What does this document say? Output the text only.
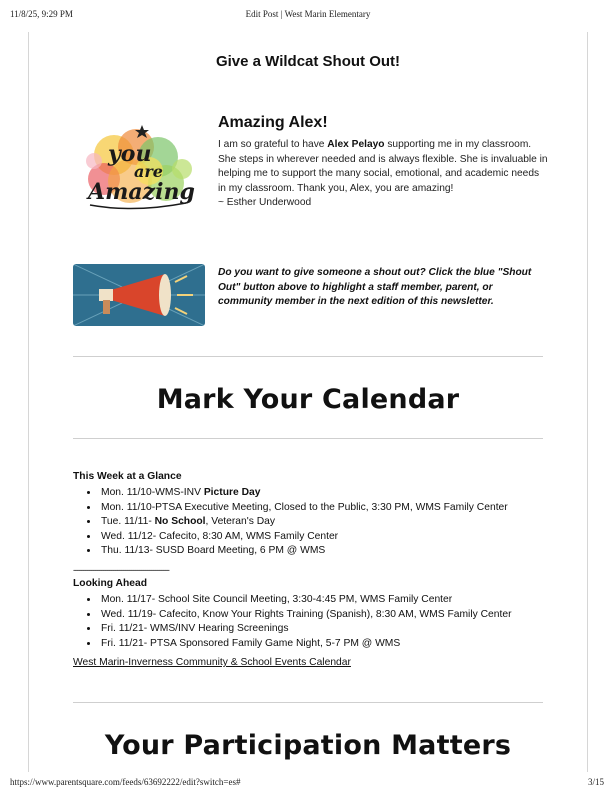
11/8/25, 9:29 PM	Edit Post | West Marin Elementary
Give a Wildcat Shout Out!
you
are
Amazing
Amazing Alex!
I am so grateful to have Alex Pelayo supporting me in my classroom. She steps in wherever needed and is always flexible. She is invaluable in helping me to support the many social, emotional, and academic needs in my classroom. Thank you, Alex, you are amazing!
~ Esther Underwood
Do you want to give someone a shout out? Click the blue "Shout Out" button above to highlight a staff member, parent, or community member in the next edition of this newsletter.
Mark Your Calendar
This Week at a Glance
• Mon. 11/10-WMS-INV Picture Day
• Mon. 11/10-PTSA Executive Meeting, Closed to the Public, 3:30 PM, WMS Family Center
• Tue. 11/11- No School, Veteran's Day
• Wed. 11/12- Cafecito, 8:30 AM, WMS Family Center
• Thu. 11/13- SUSD Board Meeting, 6 PM @ WMS
------------------------------------------------
Looking Ahead
• Mon. 11/17- School Site Council Meeting, 3:30-4:45 PM, WMS Family Center
• Wed. 11/19- Cafecito, Know Your Rights Training (Spanish), 8:30 AM, WMS Family Center
• Fri. 11/21- WMS/INV Hearing Screenings
• Fri. 11/21- PTSA Sponsored Family Game Night, 5-7 PM @ WMS
West Marin-Inverness Community & School Events Calendar
Your Participation Matters
https://www.parentsquare.com/feeds/63692222/edit?switch=es#	3/15
